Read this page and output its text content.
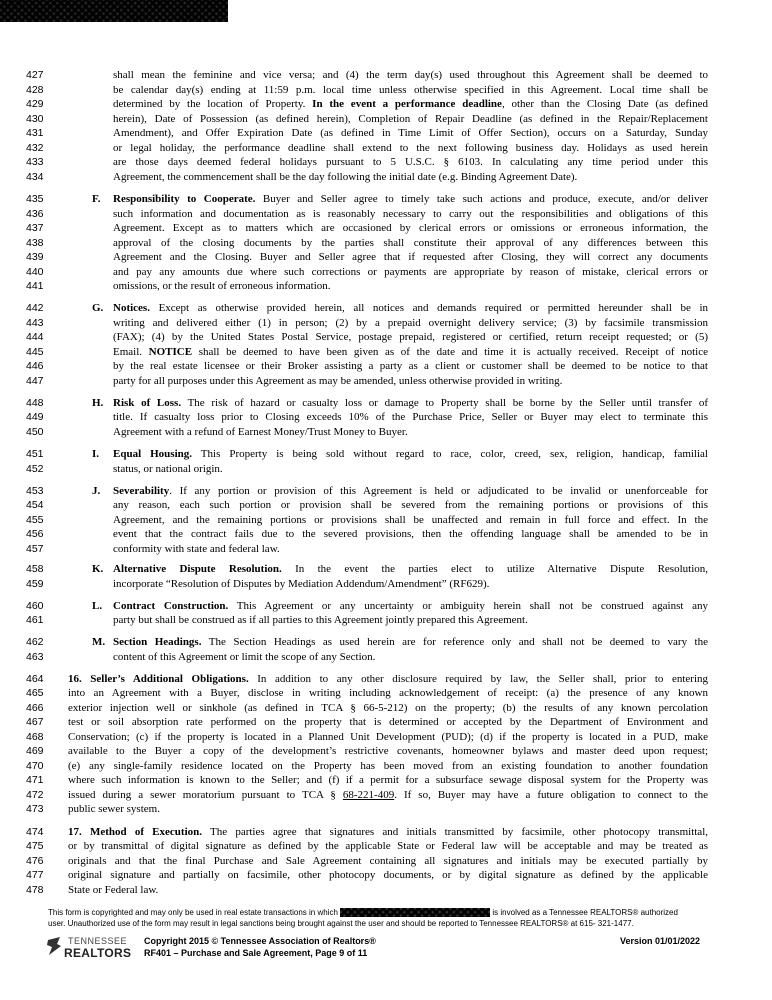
427	shall mean the feminine and vice versa; and (4) the term day(s) used throughout this Agreement shall be deemed to
428	be calendar day(s) ending at 11:59 p.m. local time unless otherwise specified in this Agreement. Local time shall be
429	determined by the location of Property. In the event a performance deadline, other than the Closing Date (as defined
430	herein), Date of Possession (as defined herein), Completion of Repair Deadline (as defined in the Repair/Replacement
431	Amendment), and Offer Expiration Date (as defined in Time Limit of Offer Section), occurs on a Saturday, Sunday
432	or legal holiday, the performance deadline shall extend to the next following business day. Holidays as used herein
433	are those days deemed federal holidays pursuant to 5 U.S.C. § 6103. In calculating any time period under this
434	Agreement, the commencement shall be the day following the initial date (e.g. Binding Agreement Date).
435	F. Responsibility to Cooperate. Buyer and Seller agree to timely take such actions and produce, execute, and/or deliver
436	such information and documentation as is reasonably necessary to carry out the responsibilities and obligations of this
437	Agreement. Except as to matters which are occasioned by clerical errors or omissions or erroneous information, the
438	approval of the closing documents by the parties shall constitute their approval of any differences between this
439	Agreement and the Closing. Buyer and Seller agree that if requested after Closing, they will correct any documents
440	and pay any amounts due where such corrections or payments are appropriate by reason of mistake, clerical errors or
441	omissions, or the result of erroneous information.
442	G. Notices. Except as otherwise provided herein, all notices and demands required or permitted hereunder shall be in
443	writing and delivered either (1) in person; (2) by a prepaid overnight delivery service; (3) by facsimile transmission
444	(FAX); (4) by the United States Postal Service, postage prepaid, registered or certified, return receipt requested; or (5)
445	Email. NOTICE shall be deemed to have been given as of the date and time it is actually received. Receipt of notice
446	by the real estate licensee or their Broker assisting a party as a client or customer shall be deemed to be notice to that
447	party for all purposes under this Agreement as may be amended, unless otherwise provided in writing.
448	H. Risk of Loss. The risk of hazard or casualty loss or damage to Property shall be borne by the Seller until transfer of
449	title. If casualty loss prior to Closing exceeds 10% of the Purchase Price, Seller or Buyer may elect to terminate this
450	Agreement with a refund of Earnest Money/Trust Money to Buyer.
451	I. Equal Housing. This Property is being sold without regard to race, color, creed, sex, religion, handicap, familial
452	status, or national origin.
453	J. Severability. If any portion or provision of this Agreement is held or adjudicated to be invalid or unenforceable for
454	any reason, each such portion or provision shall be severed from the remaining portions or provisions of this
455	Agreement, and the remaining portions or provisions shall be unaffected and remain in full force and effect. In the
456	event that the contract fails due to the severed provisions, then the offending language shall be amended to be in
457	conformity with state and federal law.
458	K. Alternative Dispute Resolution. In the event the parties elect to utilize Alternative Dispute Resolution,
459	incorporate “Resolution of Disputes by Mediation Addendum/Amendment” (RF629).
460	L. Contract Construction. This Agreement or any uncertainty or ambiguity herein shall not be construed against any
461	party but shall be construed as if all parties to this Agreement jointly prepared this Agreement.
462	M. Section Headings. The Section Headings as used herein are for reference only and shall not be deemed to vary the
463	content of this Agreement or limit the scope of any Section.
464	16. Seller’s Additional Obligations. In addition to any other disclosure required by law, the Seller shall, prior to entering
465	into an Agreement with a Buyer, disclose in writing including acknowledgement of receipt: (a) the presence of any known
466	exterior injection well or sinkhole (as defined in TCA § 66-5-212) on the property; (b) the results of any known percolation
467	test or soil absorption rate performed on the property that is determined or accepted by the Department of Environment and
468	Conservation; (c) if the property is located in a Planned Unit Development (PUD); (d) if the property is located in a PUD, make
469	available to the Buyer a copy of the development’s restrictive covenants, homeowner bylaws and master deed upon request;
470	(e) any single-family residence located on the Property has been moved from an existing foundation to another foundation
471	where such information is known to the Seller; and (f) if a permit for a subsurface sewage disposal system for the Property was
472	issued during a sewer moratorium pursuant to TCA § 68-221-409. If so, Buyer may have a future obligation to connect to the
473	public sewer system.
474	17. Method of Execution. The parties agree that signatures and initials transmitted by facsimile, other photocopy transmittal,
475	or by transmittal of digital signature as defined by the applicable State or Federal law will be acceptable and may be treated as
476	originals and that the final Purchase and Sale Agreement containing all signatures and initials may be executed partially by
477	original signature and partially on facsimile, other photocopy documents, or by digital signature as defined by the applicable
478	State or Federal law.
This form is copyrighted and may only be used in real estate transactions in which	is involved as a Tennessee REALTORS® authorized
user. Unauthorized use of the form may result in legal sanctions being brought against the user and should be reported to Tennessee REALTORS® at 615- 321-1477.
TENNESSEE
REALTORS
Copyright 2015 © Tennessee Association of Realtors®
RF401 – Purchase and Sale Agreement, Page 9 of 11
Version 01/01/2022
